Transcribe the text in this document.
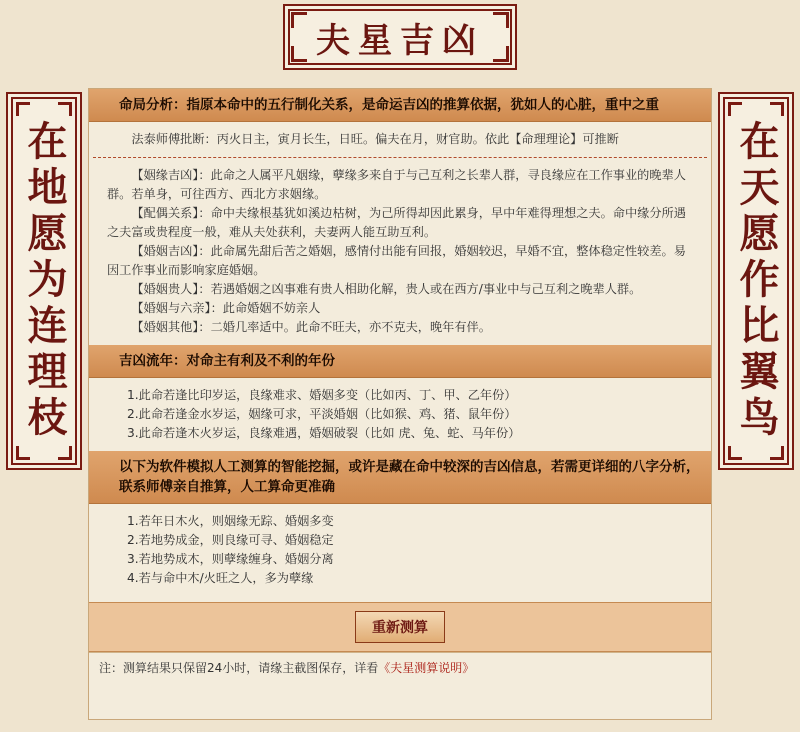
夫星吉凶
在地愿为连理枝	在天愿作比翼鸟
命局分析：指原本命中的五行制化关系，是命运吉凶的推算依据，犹如人的心脏，重中之重
法泰师傅批断：丙火日主，寅月长生，日旺。偏夫在月，财官助。依此【命理理论】可推断
【姻缘吉凶】：此命之人属平凡姻缘，孽缘多来自于与己互利之长辈人群，寻良缘应在工作事业的晚辈人群。若单身，可往西方、西北方求姻缘。
【配偶关系】：命中夫缘根基犹如溪边枯树，为己所得却因此累身，早中年难得理想之夫。命中缘分所遇之夫富或贵程度一般，难从夫处获利，夫妻两人能互助互利。
【婚姻吉凶】：此命属先甜后苦之婚姻，感情付出能有回报，婚姻较迟，早婚不宜，整体稳定性较差。易因工作事业而影响家庭婚姻。
【婚姻贵人】：若遇婚姻之凶事难有贵人相助化解，贵人或在西方/事业中与己互利之晚辈人群。
【婚姻与六亲】：此命婚姻不妨亲人
【婚姻其他】：二婚几率适中。此命不旺夫，亦不克夫，晚年有伴。
吉凶流年：对命主有利及不利的年份
1.此命若逢比印岁运，良缘难求、婚姻多变（比如丙、丁、甲、乙年份）
2.此命若逢金水岁运，姻缘可求，平淡婚姻（比如猴、鸡、猪、鼠年份）
3.此命若逢木火岁运，良缘难遇，婚姻破裂（比如 虎、兔、蛇、马年份）
以下为软件模拟人工测算的智能挖掘，或许是藏在命中较深的吉凶信息，若需更详细的八字分析，联系师傅亲自推算，人工算命更准确
1.若年日木火，则姻缘无踪、婚姻多变
2.若地势成金，则良缘可寻、婚姻稳定
3.若地势成木，则孽缘缠身、婚姻分离
4.若与命中木/火旺之人，多为孽缘
重新测算
注：测算结果只保留24小时，请缘主截图保存，详看《夫星测算说明》
